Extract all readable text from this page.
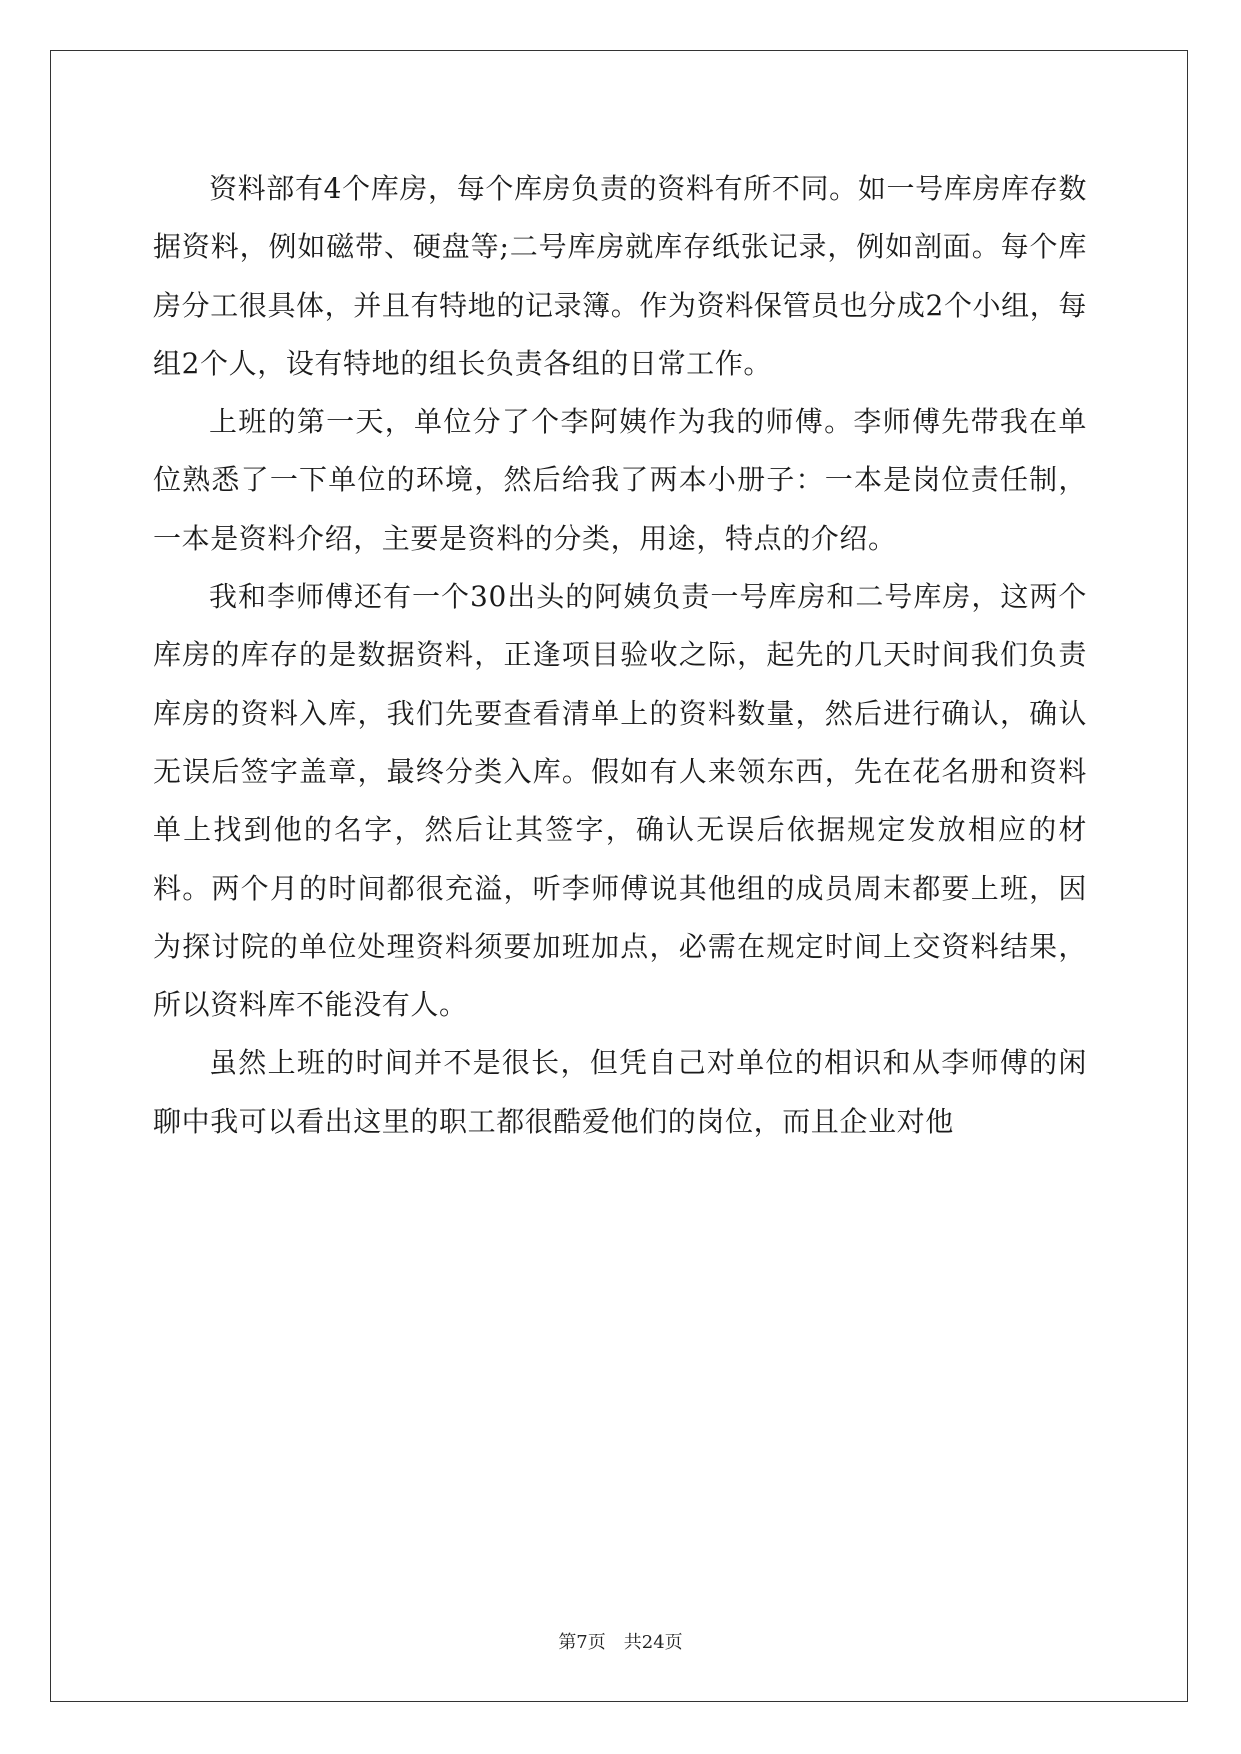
资料部有4个库房，每个库房负责的资料有所不同。如一号库房库存数据资料，例如磁带、硬盘等;二号库房就库存纸张记录，例如剖面。每个库房分工很具体，并且有特地的记录簿。作为资料保管员也分成2个小组，每组2个人，设有特地的组长负责各组的日常工作。

上班的第一天，单位分了个李阿姨作为我的师傅。李师傅先带我在单位熟悉了一下单位的环境，然后给我了两本小册子：一本是岗位责任制，一本是资料介绍，主要是资料的分类，用途，特点的介绍。

我和李师傅还有一个30出头的阿姨负责一号库房和二号库房，这两个库房的库存的是数据资料，正逢项目验收之际，起先的几天时间我们负责库房的资料入库，我们先要查看清单上的资料数量，然后进行确认，确认无误后签字盖章，最终分类入库。假如有人来领东西，先在花名册和资料单上找到他的名字，然后让其签字，确认无误后依据规定发放相应的材料。两个月的时间都很充溢，听李师傅说其他组的成员周末都要上班，因为探讨院的单位处理资料须要加班加点，必需在规定时间上交资料结果，所以资料库不能没有人。

虽然上班的时间并不是很长，但凭自己对单位的相识和从李师傅的闲聊中我可以看出这里的职工都很酷爱他们的岗位，而且企业对他

第7页 共24页
